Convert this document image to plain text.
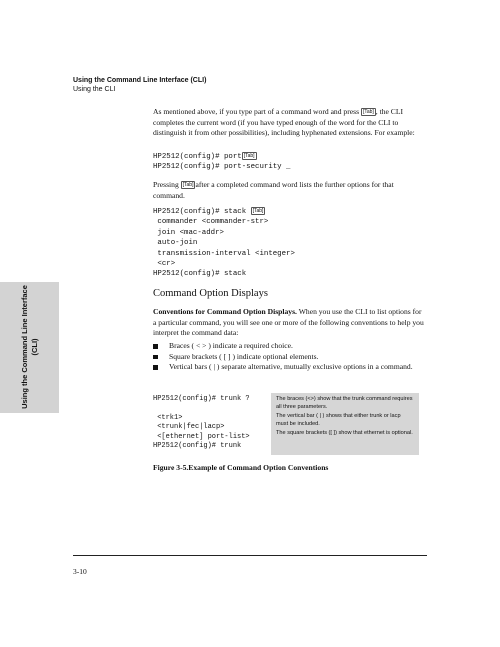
Using the Command Line Interface (CLI)
Using the CLI
Using the Command Line Interface (CLI)

As mentioned above, if you type part of a command word and press [Tab] , the CLI completes the current word (if you have typed enough of the word for the CLI to distinguish it from other possibilities), including hyphenated extensions. For example:

HP2512(config)# port [Tab]
HP2512(config)# port-security _

Pressing [Tab] after a completed command word lists the further options for that command.

HP2512(config)# stack [Tab]
commander <commander-str>
join <mac-addr>
auto-join
transmission-interval <integer>
<cr>
HP2512(config)# stack
Command Option Displays

Conventions for Command Option Displays. When you use the CLI to list options for a particular command, you will see one or more of the following conventions to help you interpret the command data:

Braces ( < > ) indicate a required choice.
Square brackets ( [ ] ) indicate optional elements.
Vertical bars ( | ) separate alternative, mutually exclusive options in a command.
HP2512(config)# trunk ?

<trk1>
<trunk|fec|lacp>
<[ethernet] port-list>
HP2512(config)# trunk

The braces (<>) show that the trunk command requires all three parameters.

The vertical bar ( | ) shows that either trunk or lacp must be included.

The square brackets ([ ]) show that ethernet is optional.

Figure 3-5.Example of Command Option Conventions
3-10
